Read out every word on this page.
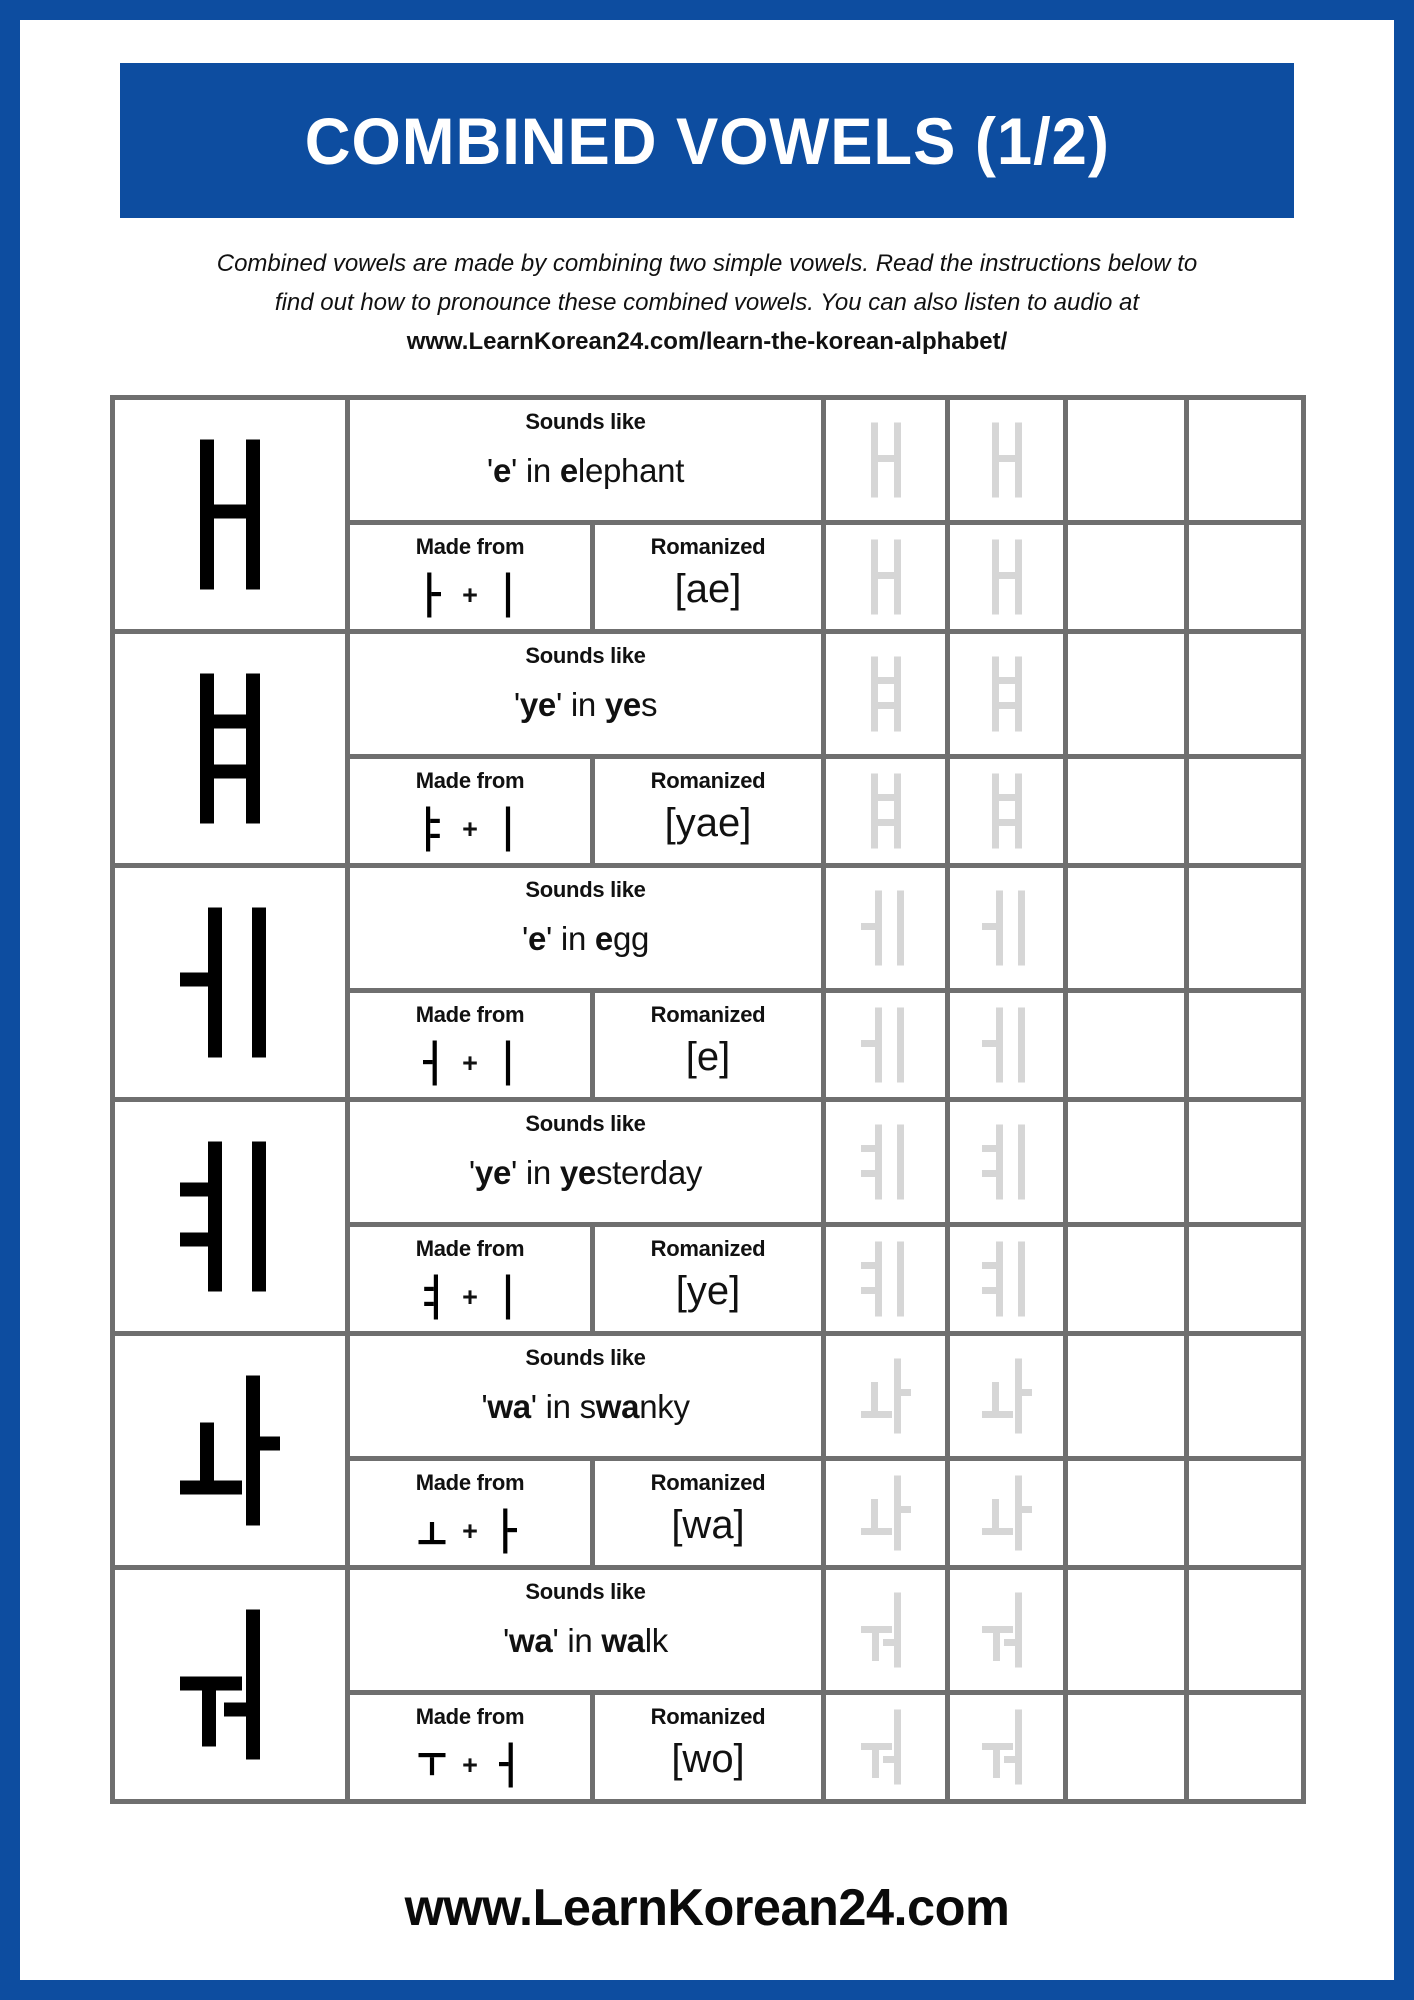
COMBINED VOWELS (1/2)

Combined vowels are made by combining two simple vowels. Read the instructions below to
find out how to pronounce these combined vowels. You can also listen to audio at
www.LearnKorean24.com/learn-the-korean-alphabet/

Sounds like
'e' in elephant
Made from
+
Romanized
[ae]
Sounds like
'ye' in yes
Made from
+
Romanized
[yae]
Sounds like
'e' in egg
Made from
+
Romanized
[e]
Sounds like
'ye' in yesterday
Made from
+
Romanized
[ye]
Sounds like
'wa' in swanky
Made from
+
Romanized
[wa]
Sounds like
'wa' in walk
Made from
+
Romanized
[wo]
www.LearnKorean24.com
